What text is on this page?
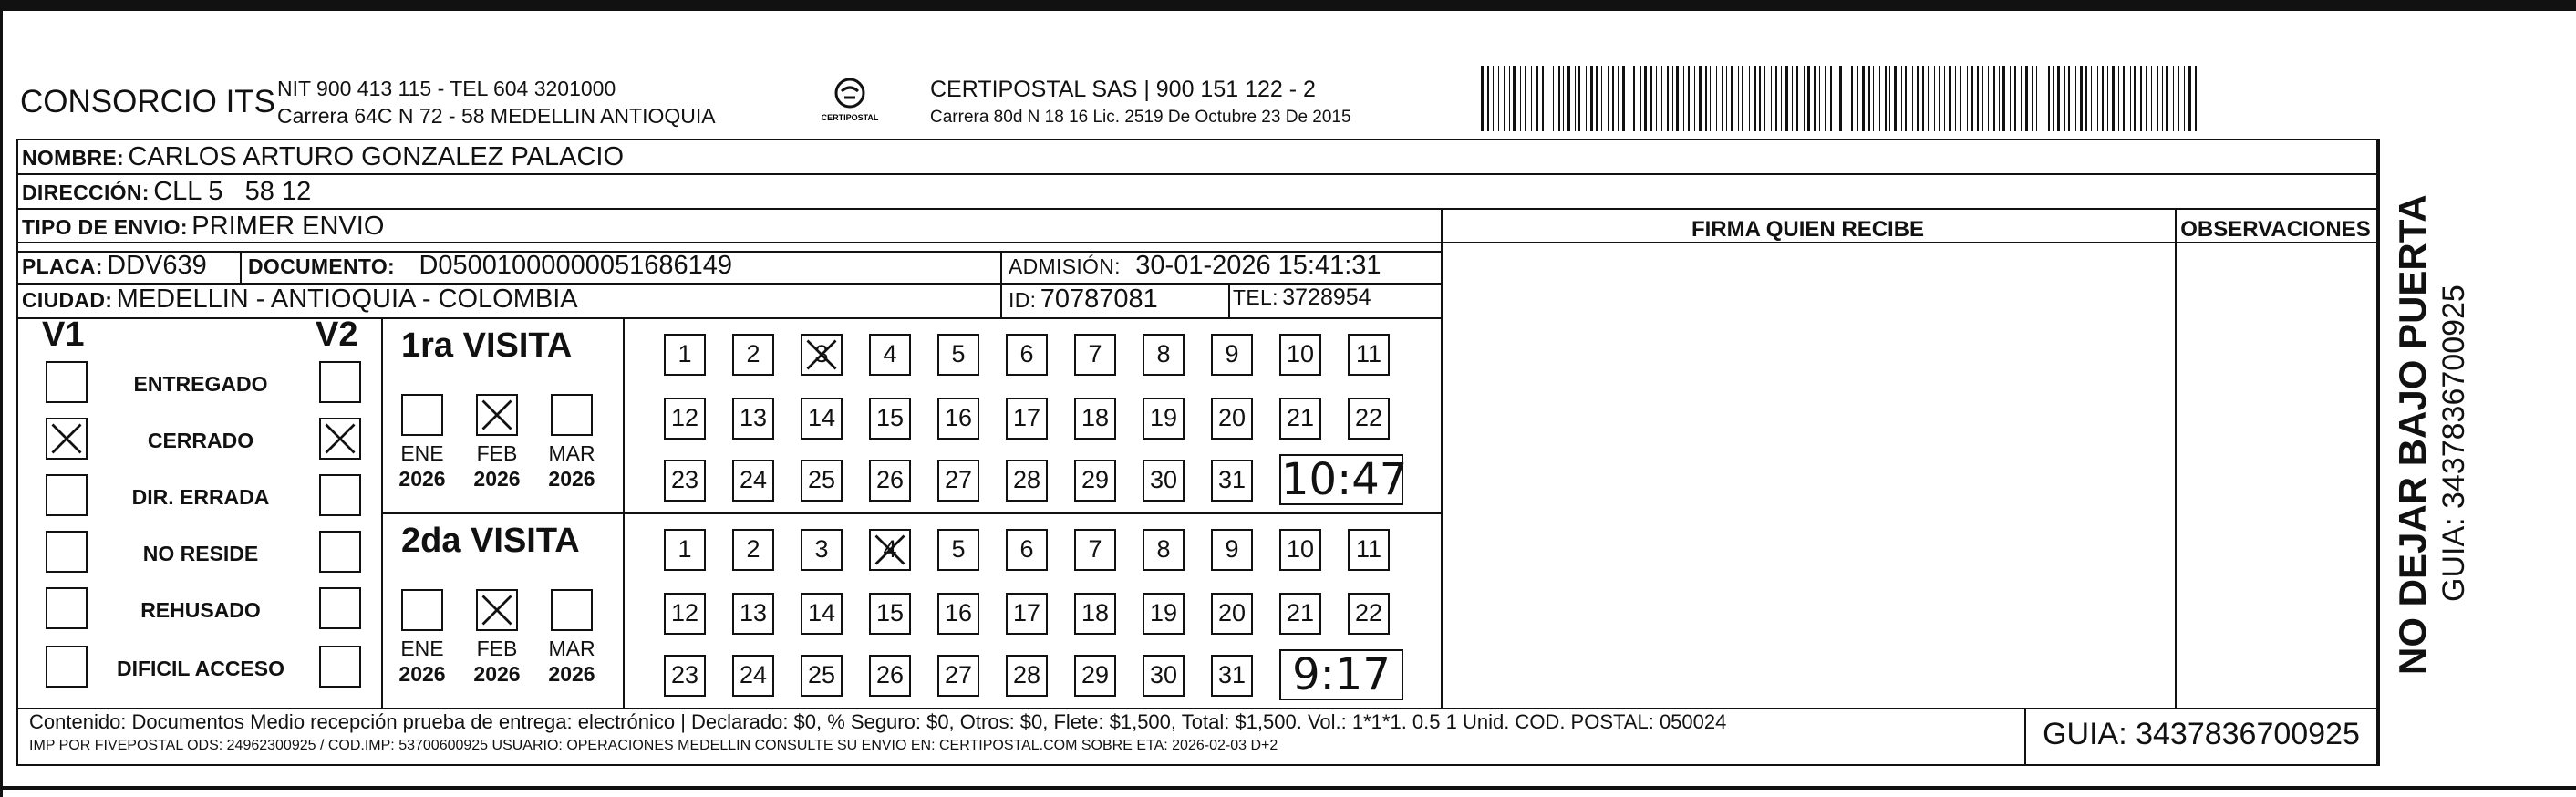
CONSORCIO ITS NIT 900 413 115 - TEL 604 3201000
Carrera 64C N 72 - 58 MEDELLIN ANTIOQUIA	CERTIPOSTAL
CERTIPOSTAL SAS | 900 151 122 - 2
Carrera 80d N 18 16 Lic. 2519 De Octubre 23 De 2015
NOMBRE: CARLOS ARTURO GONZALEZ PALACIO
DIRECCIÓN: CLL 5   58 12
TIPO DE ENVIO: PRIMER ENVIO	FIRMA QUIEN RECIBE	OBSERVACIONES
PLACA: DDV639 DOCUMENTO: D05001000000051686149	ADMISIÓN: 30-01-2026 15:41:31
CIUDAD: MEDELLIN - ANTIOQUIA - COLOMBIA	ID: 70787081	TEL: 3728954
V1	V2
ENTREGADO
CERRADO
DIR. ERRADA
NO RESIDE
REHUSADO
DIFICIL ACCESO
1ra VISITA
ENE
2026
FEB
2026
MAR
2026
1	2	3	4	5	6	7	8	9	10	11
12 13 14 15 16 17 18 19 20 21 22
23 24 25 26 27 28 29 30 31 10:47
2da VISITA
ENE
2026
FEB
2026
MAR
2026
1	2	3	4	5	6	7	8	9	10	11
12 13 14 15 16 17 18 19 20 21 22
23 24 25 26 27 28 29 30 31 9:17
Contenido: Documentos Medio recepción prueba de entrega: electrónico | Declarado: $0, % Seguro: $0, Otros: $0, Flete: $1,500, Total: $1,500. Vol.: 1*1*1. 0.5 1 Unid. COD. POSTAL: 050024
IMP POR FIVEPOSTAL ODS: 24962300925 / COD.IMP: 53700600925 USUARIO: OPERACIONES MEDELLIN CONSULTE SU ENVIO EN: CERTIPOSTAL.COM SOBRE ETA: 2026-02-03 D+2	GUIA: 3437836700925
NO DEJAR BAJO PUERTA GUIA: 3437836700925
